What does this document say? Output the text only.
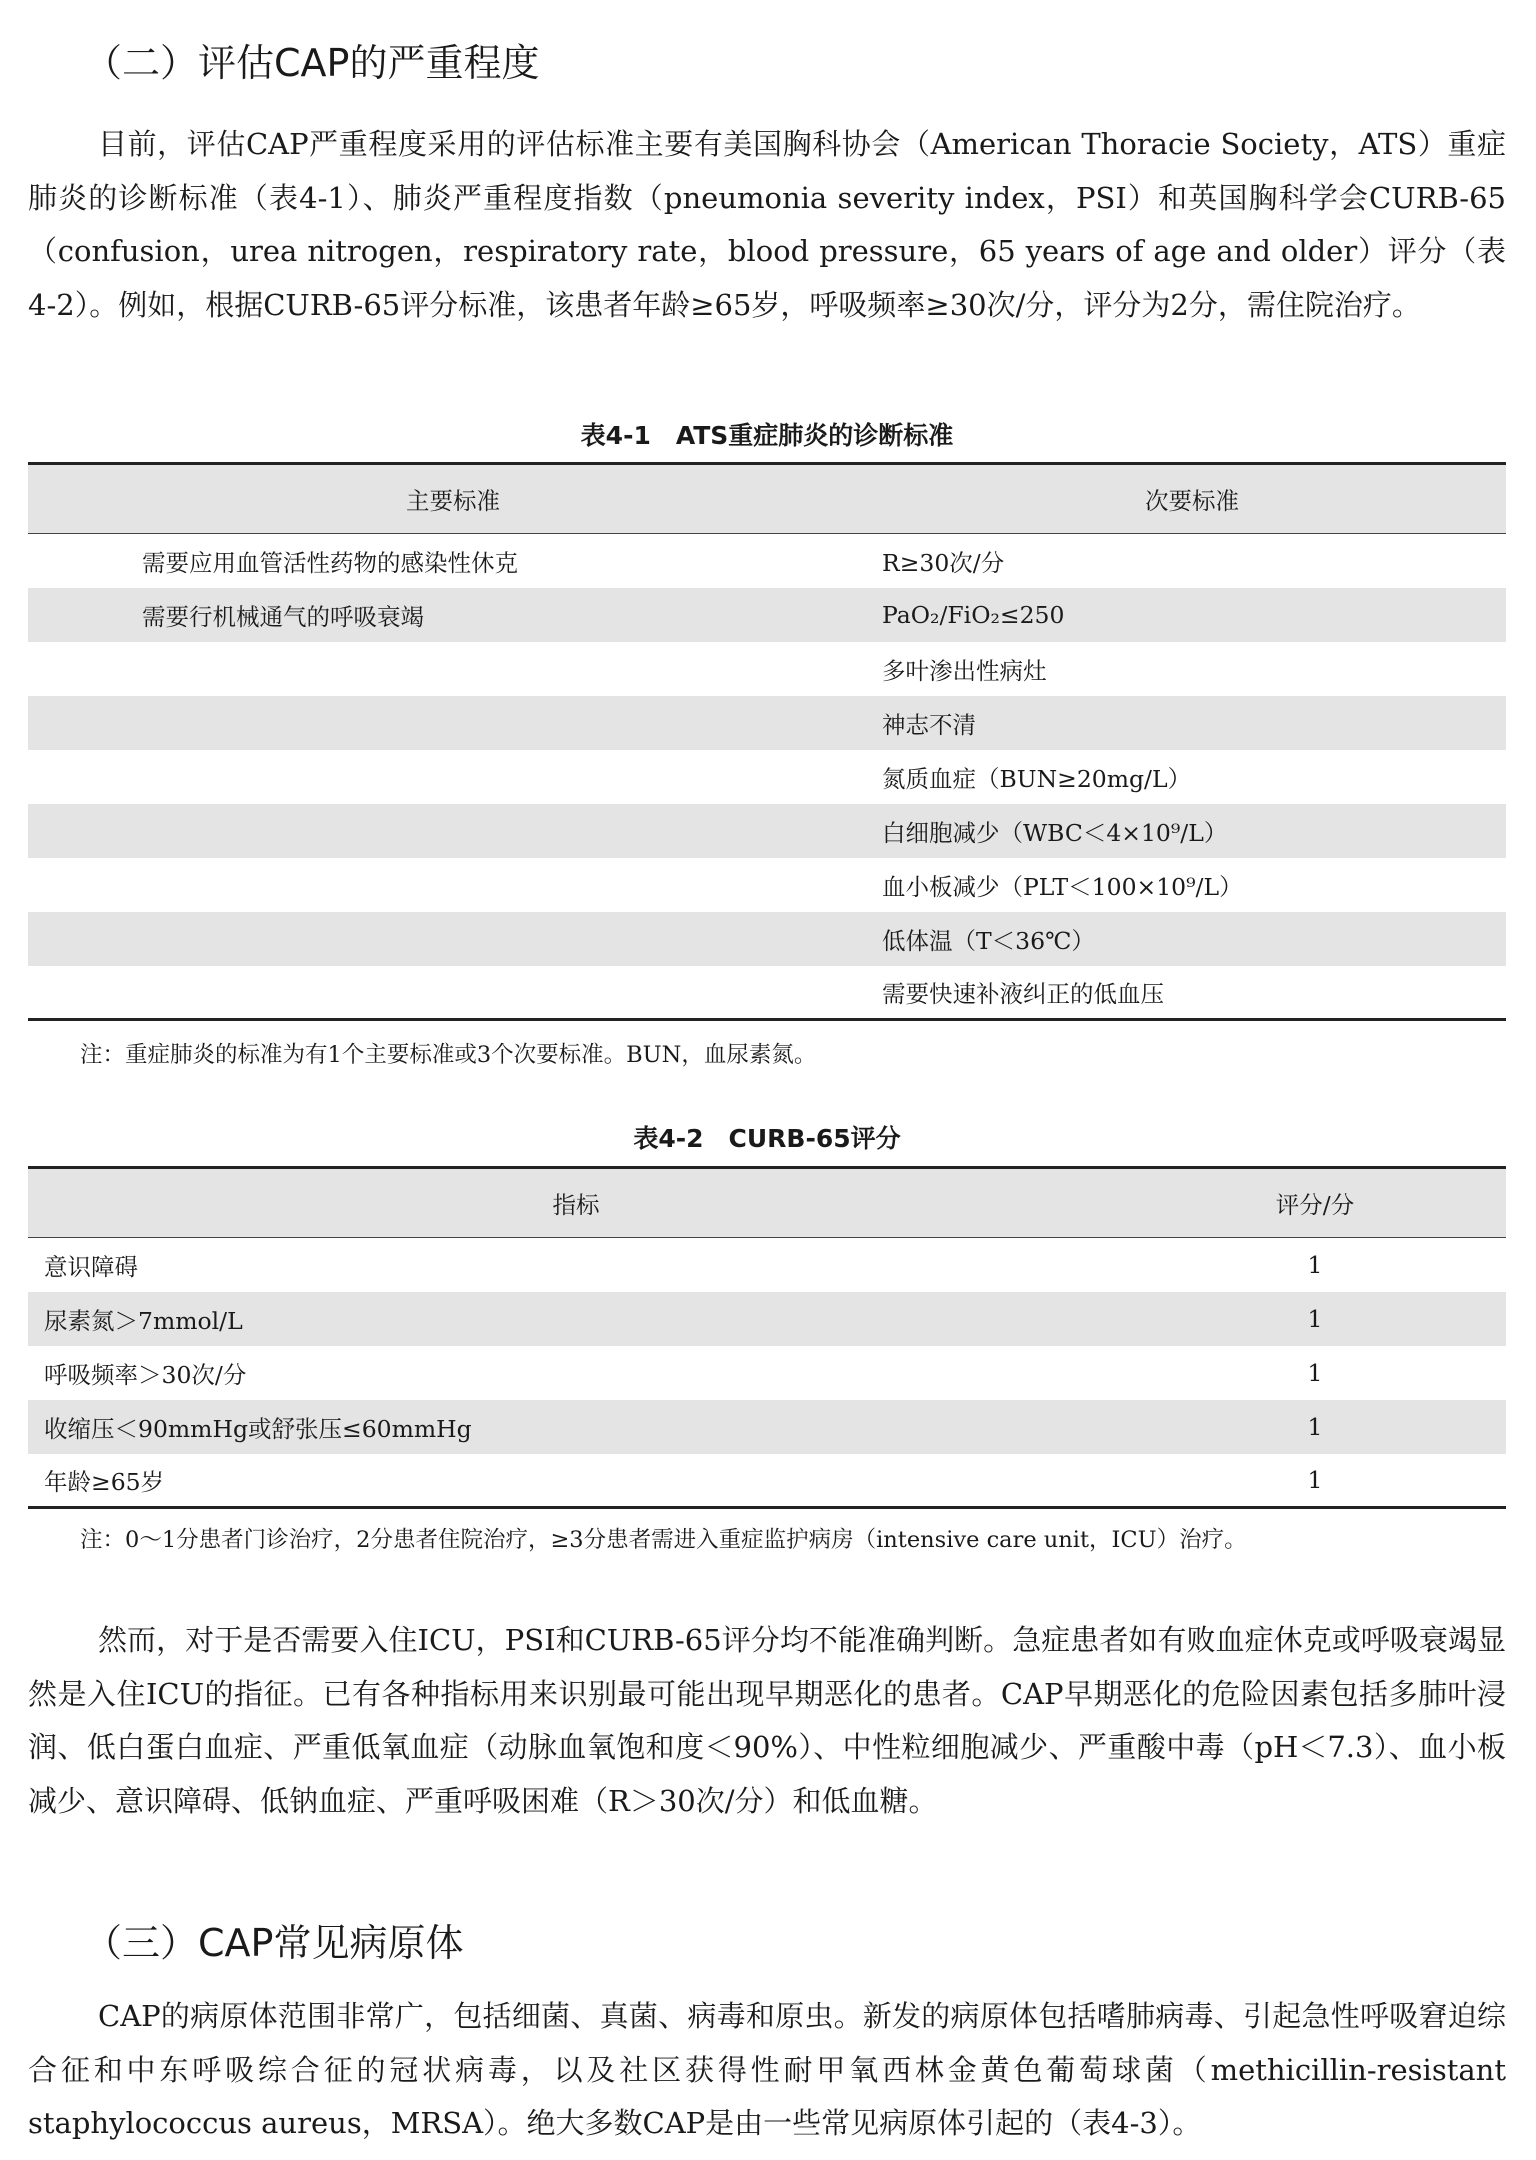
（二）评估CAP的严重程度

目前，评估CAP严重程度采用的评估标准主要有美国胸科协会（American Thoracie Society，ATS）重症肺炎的诊断标准（表4-1）、肺炎严重程度指数（pneumonia severity index，PSI）和英国胸科学会CURB-65（confusion，urea nitrogen，respiratory rate，blood pressure，65 years of age and older）评分（表4-2）。例如，根据CURB-65评分标准，该患者年龄≥65岁，呼吸频率≥30次/分，评分为2分，需住院治疗。

表4-1　ATS重症肺炎的诊断标准

主要标准	次要标准
需要应用血管活性药物的感染性休克	R≥30次/分
需要行机械通气的呼吸衰竭	PaO₂/FiO₂≤250
	多叶渗出性病灶
	神志不清
	氮质血症（BUN≥20mg/L）
	白细胞减少（WBC＜4×10⁹/L）
	血小板减少（PLT＜100×10⁹/L）
	低体温（T＜36℃）
	需要快速补液纠正的低血压

注：重症肺炎的标准为有1个主要标准或3个次要标准。BUN，血尿素氮。

表4-2　CURB-65评分

指标	评分/分
意识障碍	1
尿素氮＞7mmol/L	1
呼吸频率＞30次/分	1
收缩压＜90mmHg或舒张压≤60mmHg	1
年龄≥65岁	1

注：0～1分患者门诊治疗，2分患者住院治疗，≥3分患者需进入重症监护病房（intensive care unit，ICU）治疗。

然而，对于是否需要入住ICU，PSI和CURB-65评分均不能准确判断。急症患者如有败血症休克或呼吸衰竭显然是入住ICU的指征。已有各种指标用来识别最可能出现早期恶化的患者。CAP早期恶化的危险因素包括多肺叶浸润、低白蛋白血症、严重低氧血症（动脉血氧饱和度＜90%）、中性粒细胞减少、严重酸中毒（pH＜7.3）、血小板减少、意识障碍、低钠血症、严重呼吸困难（R＞30次/分）和低血糖。

（三）CAP常见病原体

CAP的病原体范围非常广，包括细菌、真菌、病毒和原虫。新发的病原体包括嗜肺病毒、引起急性呼吸窘迫综合征和中东呼吸综合征的冠状病毒，以及社区获得性耐甲氧西林金黄色葡萄球菌（methicillin-resistant staphylococcus aureus，MRSA）。绝大多数CAP是由一些常见病原体引起的（表4-3）。
